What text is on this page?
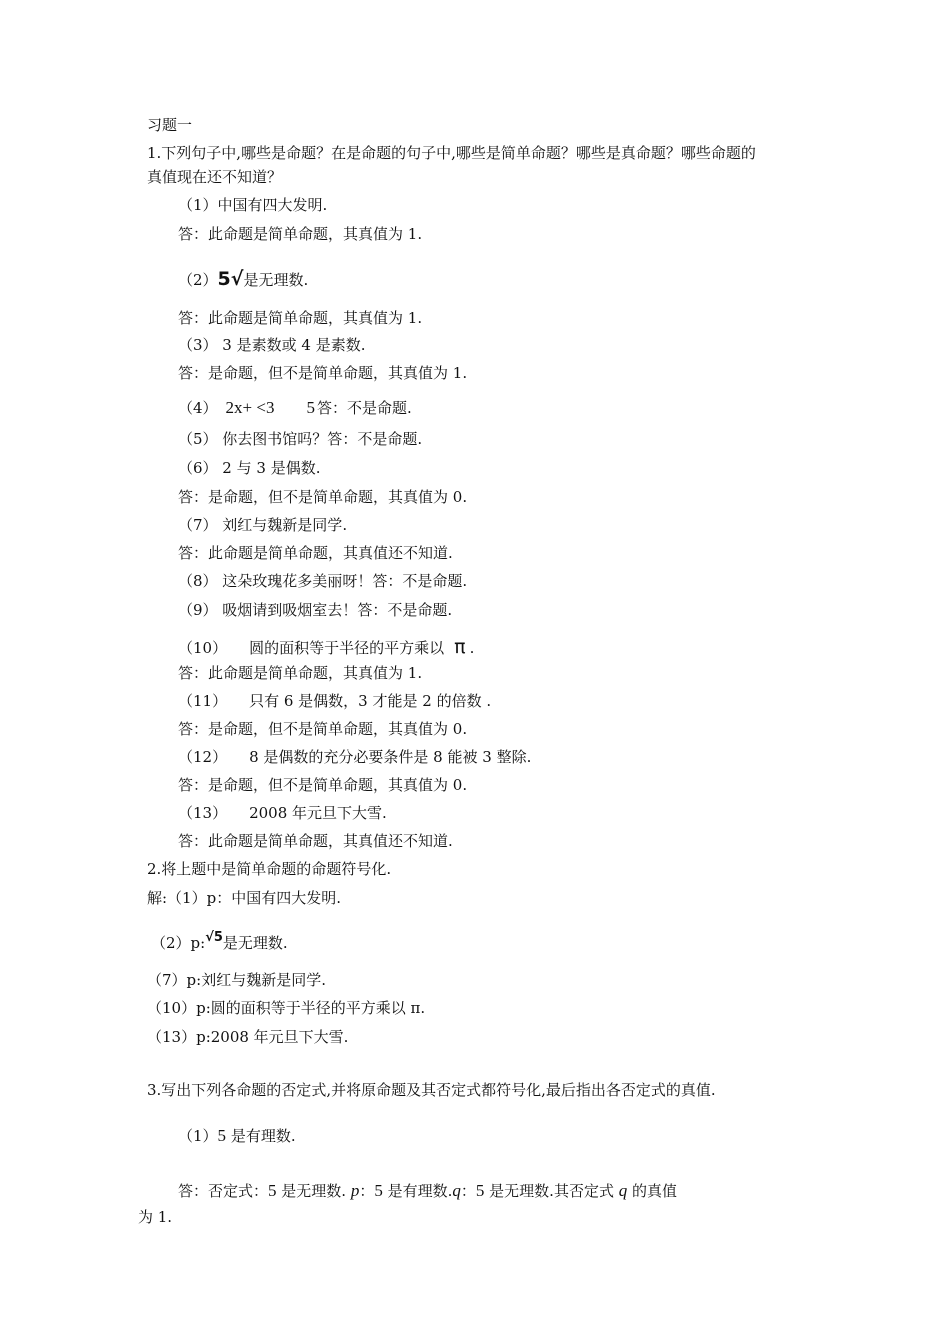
习题一
1.下列句子中,哪些是命题？在是命题的句子中,哪些是简单命题？哪些是真命题？哪些命题的
真值现在还不知道？
（1）中国有四大发明.
答：此命题是简单命题，其真值为 1.
（2）5√是无理数.
答：此命题是简单命题，其真值为 1.
（3） 3 是素数或 4 是素数.
答：是命题，但不是简单命题，其真值为 1.
（4） 2x+ <3 5 答：不是命题.
（5） 你去图书馆吗？答：不是命题.
（6） 2 与 3 是偶数.
答：是命题，但不是简单命题，其真值为 0.
（7） 刘红与魏新是同学.
答：此命题是简单命题，其真值还不知道.
（8） 这朵玫瑰花多美丽呀！答：不是命题.
（9） 吸烟请到吸烟室去！答：不是命题.
（10） 圆的面积等于半径的平方乘以 π .
答：此命题是简单命题，其真值为 1.
（11） 只有 6 是偶数，3 才能是 2 的倍数 .
答：是命题，但不是简单命题，其真值为 0.
（12） 8 是偶数的充分必要条件是 8 能被 3 整除.
答：是命题，但不是简单命题，其真值为 0.
（13） 2008 年元旦下大雪.
答：此命题是简单命题，其真值还不知道.
2.将上题中是简单命题的命题符号化.
解:（1）p：中国有四大发明.
（2）p:√5是无理数.
（7）p:刘红与魏新是同学.
（10）p:圆的面积等于半径的平方乘以 π.
（13）p:2008 年元旦下大雪.
3.写出下列各命题的否定式,并将原命题及其否定式都符号化,最后指出各否定式的真值.
（1）5 是有理数.
答：否定式：5 是无理数. p：5 是有理数.q：5 是无理数.其否定式 q 的真值
为 1.
